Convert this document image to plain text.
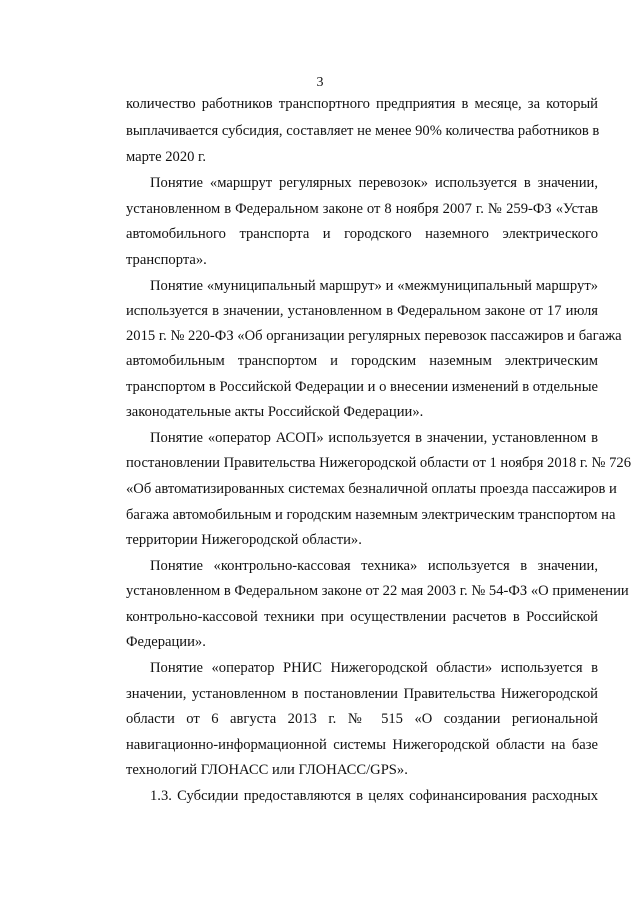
3
количество работников транспортного предприятия в месяце, за который
выплачивается субсидия, составляет не менее 90% количества работников в
марте 2020 г.
Понятие «маршрут регулярных перевозок» используется в значении,
установленном в Федеральном законе от 8 ноября 2007 г. № 259-ФЗ «Устав
автомобильного транспорта и городского наземного электрического
транспорта».
Понятие «муниципальный маршрут» и «межмуниципальный маршрут»
используется в значении, установленном в Федеральном законе от 17 июля
2015 г. № 220-ФЗ «Об организации регулярных перевозок пассажиров и багажа
автомобильным транспортом и городским наземным электрическим
транспортом в Российской Федерации и о внесении изменений в отдельные
законодательные акты Российской Федерации».
Понятие «оператор АСОП» используется в значении, установленном в
постановлении Правительства Нижегородской области от 1 ноября 2018 г. № 726
«Об автоматизированных системах безналичной оплаты проезда пассажиров и
багажа автомобильным и городским наземным электрическим транспортом на
территории Нижегородской области».
Понятие «контрольно-кассовая техника» используется в значении,
установленном в Федеральном законе от 22 мая 2003 г. № 54-ФЗ «О применении
контрольно-кассовой техники при осуществлении расчетов в Российской
Федерации».
Понятие «оператор РНИС Нижегородской области» используется в
значении, установленном в постановлении Правительства Нижегородской
области от 6 августа 2013 г. № 515 «О создании региональной
навигационно-информационной системы Нижегородской области на базе
технологий ГЛОНАСС или ГЛОНАСС/GPS».
1.3. Субсидии предоставляются в целях софинансирования расходных
